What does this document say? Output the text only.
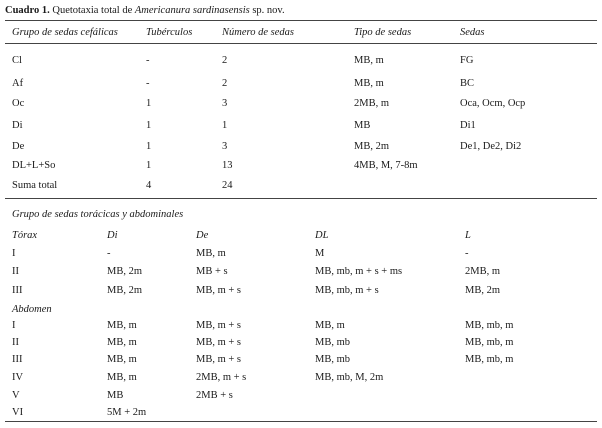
Cuadro 1. Quetotaxia total de Americanura sardinasensis sp. nov.
Grupo de sedas cefálicas	Tubérculos	Número de sedas	Tipo de sedas	Sedas
Cl	-	2	MB, m	FG
Af	-	2	MB, m	BC
Oc	1	3	2MB, m	Oca, Ocm, Ocp
Di	1	1	MB	Di1
De	1	3	MB, 2m	De1, De2, Di2
DL+L+So	1	13	4MB, M, 7-8m
Suma total	4	24
Grupo de sedas torácicas y abdominales
Tórax	Di	De	DL	L
I	-	MB, m	M	-
II	MB, 2m	MB + s	MB, mb, m + s + ms	2MB, m
III	MB, 2m	MB, m + s	MB, mb, m + s	MB, 2m
Abdomen
I	MB, m	MB, m + s	MB, m	MB, mb, m
II	MB, m	MB, m + s	MB, mb	MB, mb, m
III	MB, m	MB, m + s	MB, mb	MB, mb, m
IV	MB, m	2MB, m + s	MB, mb, M, 2m
V	MB	2MB + s
VI	5M + 2m
